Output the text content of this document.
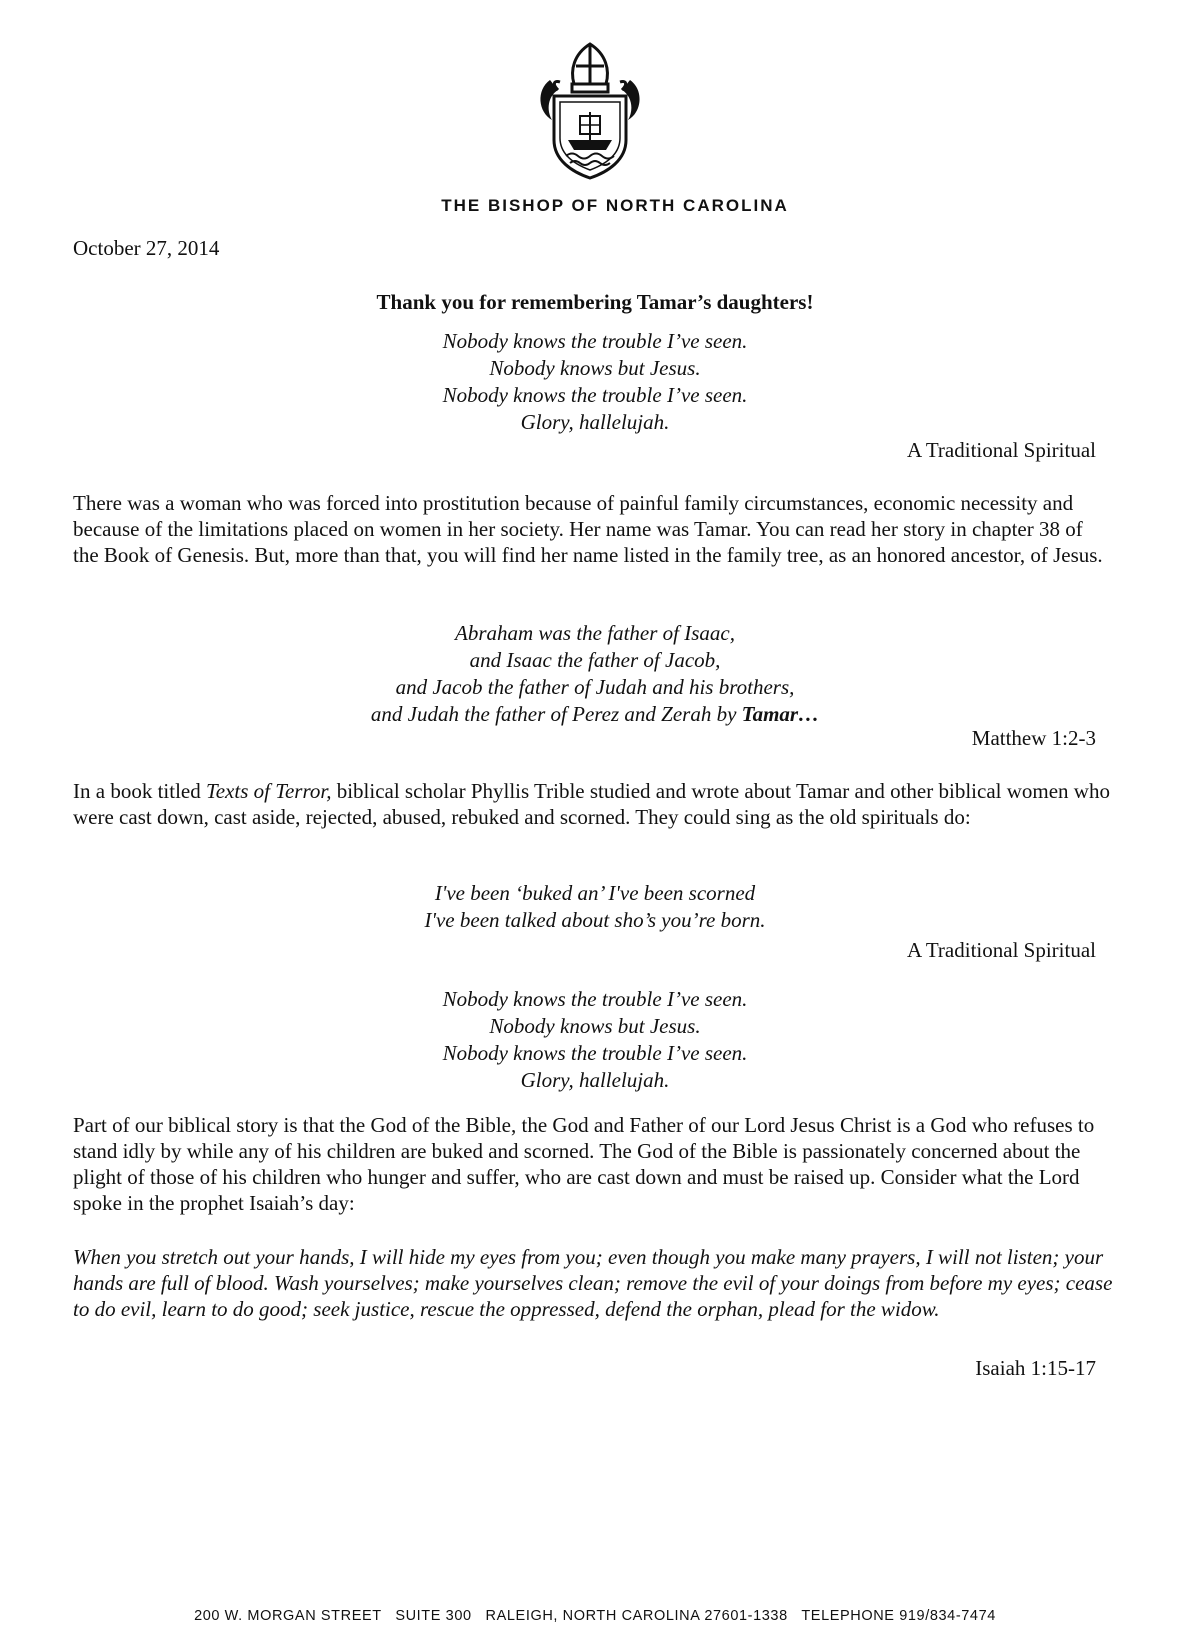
THE BISHOP OF NORTH CAROLINA
October 27, 2014
Thank you for remembering Tamar’s daughters!
Nobody knows the trouble I’ve seen.
Nobody knows but Jesus.
Nobody knows the trouble I’ve seen.
Glory, hallelujah.
A Traditional Spiritual
There was a woman who was forced into prostitution because of painful family circumstances, economic necessity and because of the limitations placed on women in her society. Her name was Tamar. You can read her story in chapter 38 of the Book of Genesis. But, more than that, you will find her name listed in the family tree, as an honored ancestor, of Jesus.
Abraham was the father of Isaac,
and Isaac the father of Jacob,
and Jacob the father of Judah and his brothers,
and Judah the father of Perez and Zerah by Tamar…
Matthew 1:2-3
In a book titled Texts of Terror, biblical scholar Phyllis Trible studied and wrote about Tamar and other biblical women who were cast down, cast aside, rejected, abused, rebuked and scorned. They could sing as the old spirituals do:
I've been ‘buked an’ I've been scorned
I've been talked about sho’s you’re born.
A Traditional Spiritual
Nobody knows the trouble I’ve seen.
Nobody knows but Jesus.
Nobody knows the trouble I’ve seen.
Glory, hallelujah.
Part of our biblical story is that the God of the Bible, the God and Father of our Lord Jesus Christ is a God who refuses to stand idly by while any of his children are buked and scorned. The God of the Bible is passionately concerned about the plight of those of his children who hunger and suffer, who are cast down and must be raised up. Consider what the Lord spoke in the prophet Isaiah’s day:
When you stretch out your hands, I will hide my eyes from you; even though you make many prayers, I will not listen; your hands are full of blood. Wash yourselves; make yourselves clean; remove the evil of your doings from before my eyes; cease to do evil, learn to do good; seek justice, rescue the oppressed, defend the orphan, plead for the widow.
Isaiah 1:15-17
200 W. MORGAN STREET   SUITE 300   RALEIGH, NORTH CAROLINA 27601-1338   TELEPHONE 919/834-7474
